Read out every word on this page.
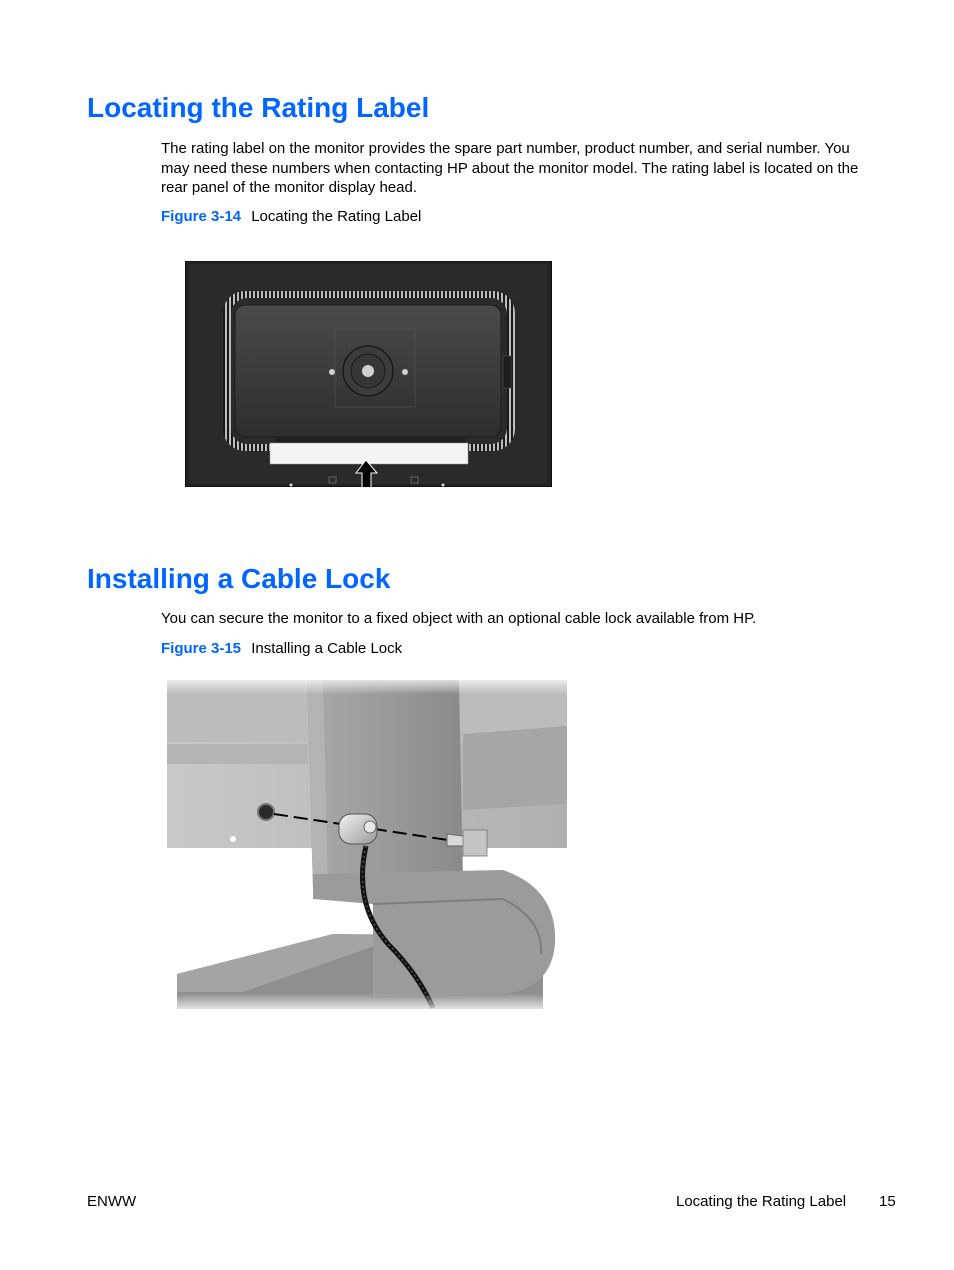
Locating the Rating Label

The rating label on the monitor provides the spare part number, product number, and serial number. You may need these numbers when contacting HP about the monitor model. The rating label is located on the rear panel of the monitor display head.

Figure 3-14 Locating the Rating Label

Installing a Cable Lock

You can secure the monitor to a fixed object with an optional cable lock available from HP.

Figure 3-15 Installing a Cable Lock

ENWW	Locating the Rating Label 15
